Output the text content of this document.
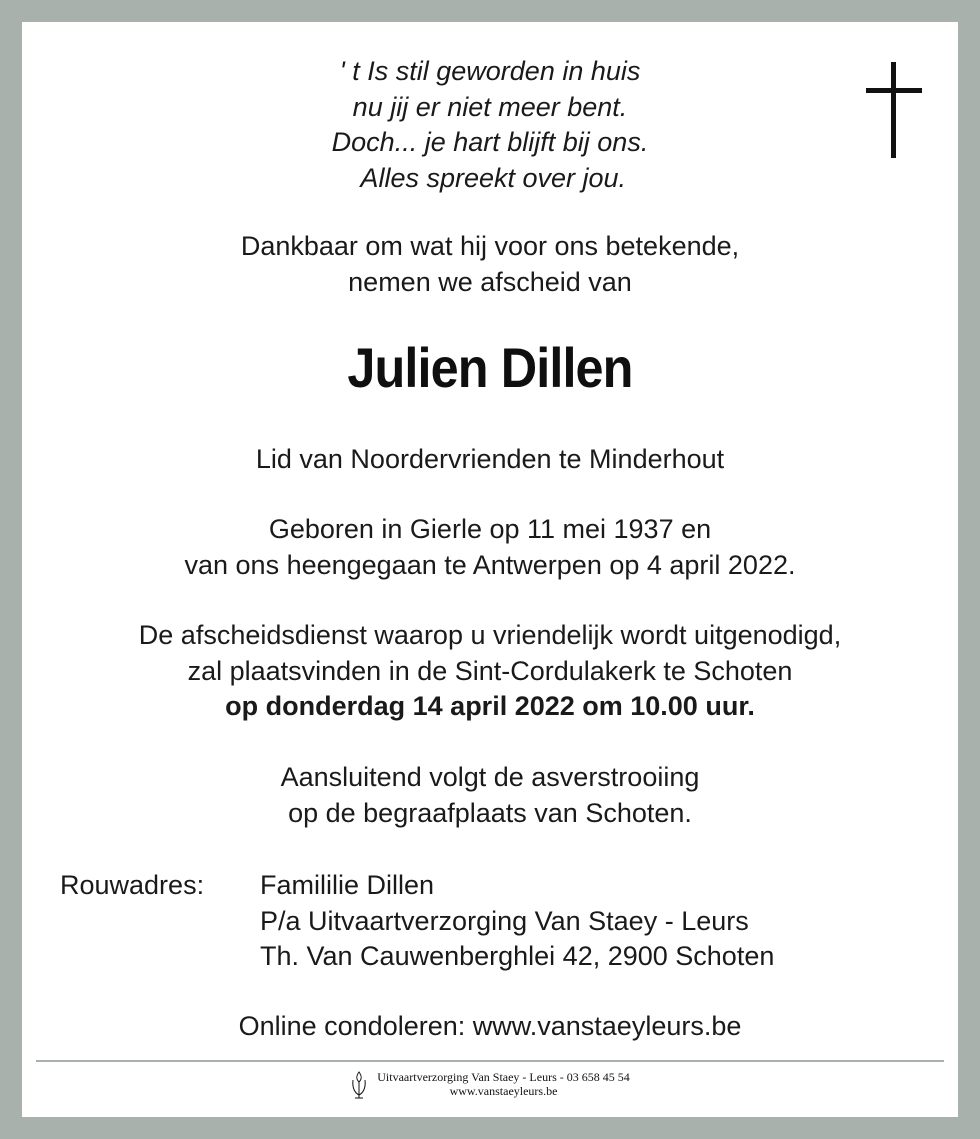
' t Is stil geworden in huis
nu jij er niet meer bent.
Doch... je hart blijft bij ons.
Alles spreekt over jou.
Dankbaar om wat hij voor ons betekende,
nemen we afscheid van
Julien Dillen
Lid van Noordervrienden te Minderhout
Geboren in Gierle op 11 mei 1937 en
van ons heengegaan te Antwerpen op 4 april 2022.
De afscheidsdienst waarop u vriendelijk wordt uitgenodigd,
zal plaatsvinden in de Sint-Cordulakerk te Schoten
op donderdag 14 april 2022 om 10.00 uur.
Aansluitend volgt de asverstrooiing
op de begraafplaats van Schoten.
Rouwadres: Famililie Dillen
P/a Uitvaartverzorging Van Staey - Leurs
Th. Van Cauwenberghlei 42, 2900 Schoten
Online condoleren: www.vanstaeyleurs.be

Uitvaartverzorging Van Staey - Leurs - 03 658 45 54
www.vanstaeyleurs.be
